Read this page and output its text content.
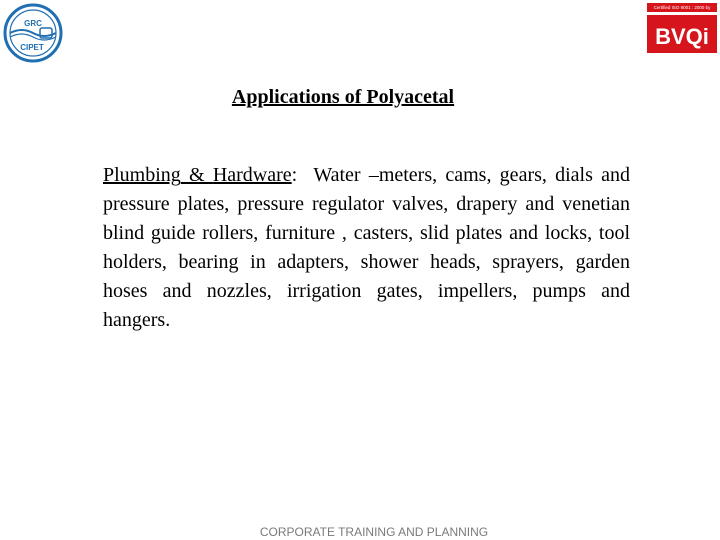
GRC
CIPET
Certified ISO 9001 : 2000 by
BVQi
Applications of Polyacetal
Plumbing & Hardware:  Water –meters, cams, gears, dials and pressure plates, pressure regulator valves, drapery and venetian blind guide rollers, furniture , casters, slid plates and locks, tool holders, bearing in adapters, shower heads, sprayers, garden hoses and nozzles, irrigation gates, impellers, pumps and hangers.
CORPORATE TRAINING AND PLANNING
